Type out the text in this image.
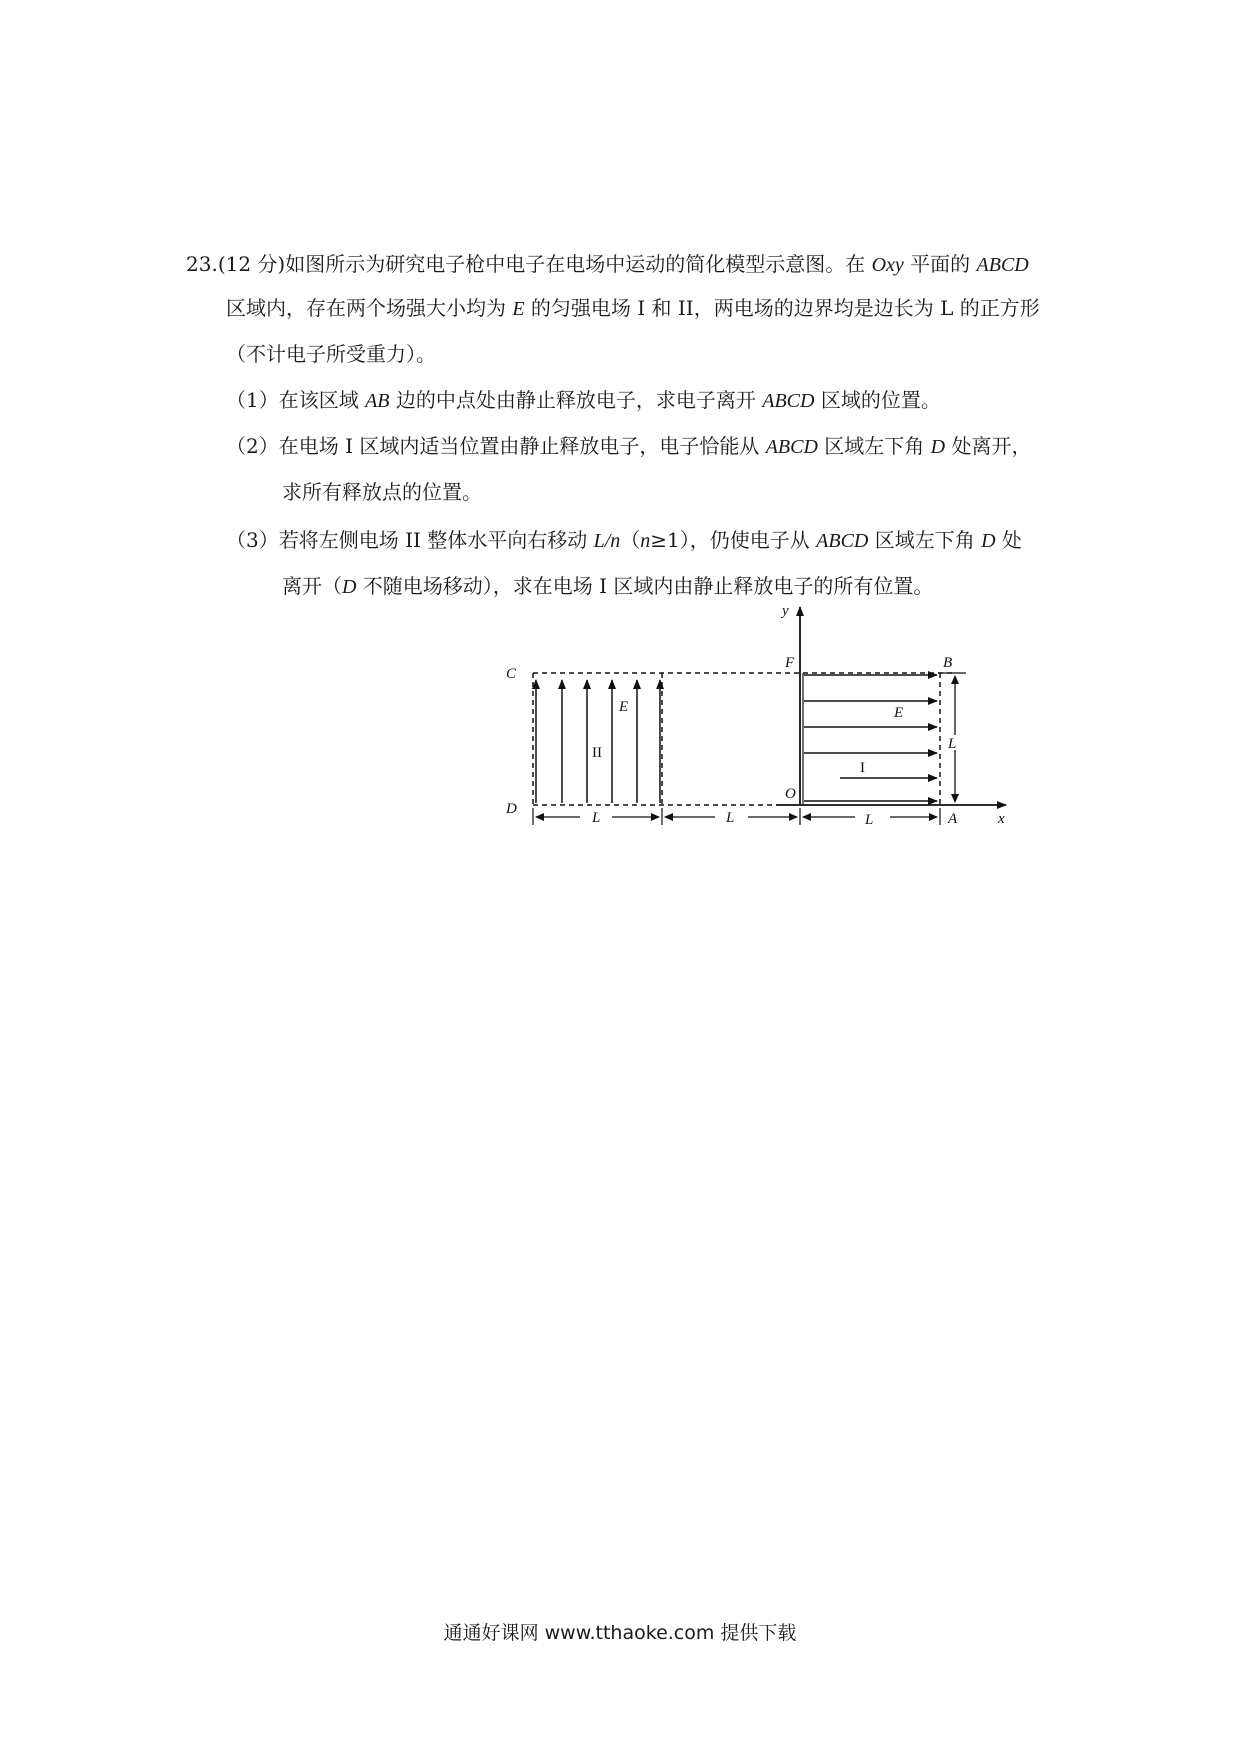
23.(12 分)如图所示为研究电子枪中电子在电场中运动的简化模型示意图。在 Oxy 平面的 ABCD
区域内，存在两个场强大小均为 E 的匀强电场 I 和 II，两电场的边界均是边长为 L 的正方形
（不计电子所受重力）。
（1）在该区域 AB 边的中点处由静止释放电子，求电子离开 ABCD 区域的位置。
（2）在电场 I 区域内适当位置由静止释放电子，电子恰能从 ABCD 区域左下角 D 处离开，
求所有释放点的位置。
（3）若将左侧电场 II 整体水平向右移动 L/n（n≥1），仍使电子从 ABCD 区域左下角 D 处
离开（D 不随电场移动），求在电场 I 区域内由静止释放电子的所有位置。
C
D
F	B
O
A	x
y
E	E
II
I
L	L	L
L
通通好课网 www.tthaoke.com 提供下载
